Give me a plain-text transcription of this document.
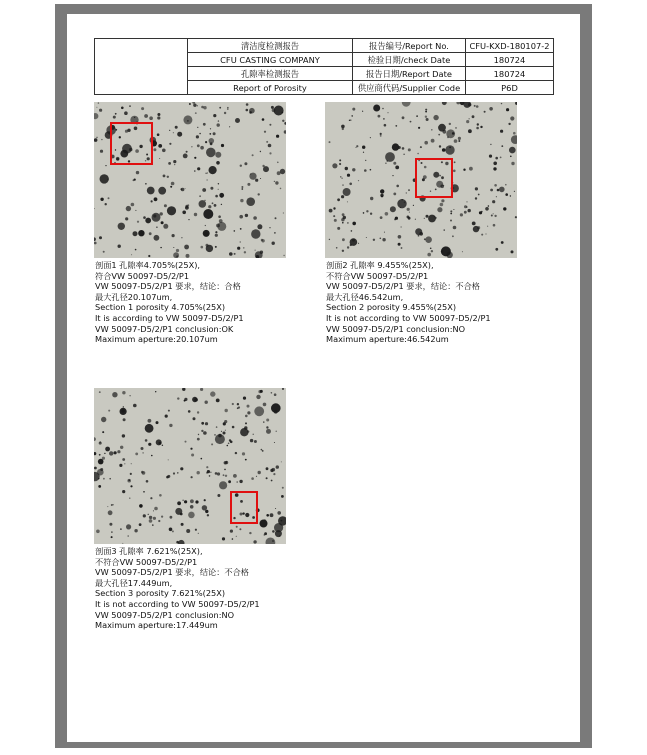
	清洁度检测报告	报告编号/Report No.	CFU-KXD-180107-2
	CFU CASTING COMPANY	检验日期/check Date	180724
	孔隙率检测报告	报告日期/Report Date	180724
	Report of Porosity	供应商代码/Supplier Code	P6D
剖面1 孔隙率4.705%(25X),
符合VW 50097-D5/2/P1
VW 50097-D5/2/P1 要求，结论：合格
最大孔径20.107um,
Section 1 porosity 4.705%(25X)
It is according to VW 50097-D5/2/P1
VW 50097-D5/2/P1 conclusion:OK
Maximum aperture:20.107um
剖面2 孔隙率 9.455%(25X),
不符合VW 50097-D5/2/P1
VW 50097-D5/2/P1 要求，结论：不合格
最大孔径46.542um,
Section 2 porosity 9.455%(25X)
It is not according to VW 50097-D5/2/P1
VW 50097-D5/2/P1 conclusion:NO
Maximum aperture:46.542um
剖面3 孔隙率 7.621%(25X),
不符合VW 50097-D5/2/P1
VW 50097-D5/2/P1 要求，结论：不合格
最大孔径17.449um,
Section 3 porosity 7.621%(25X)
It is not according to VW 50097-D5/2/P1
VW 50097-D5/2/P1 conclusion:NO
Maximum aperture:17.449um
